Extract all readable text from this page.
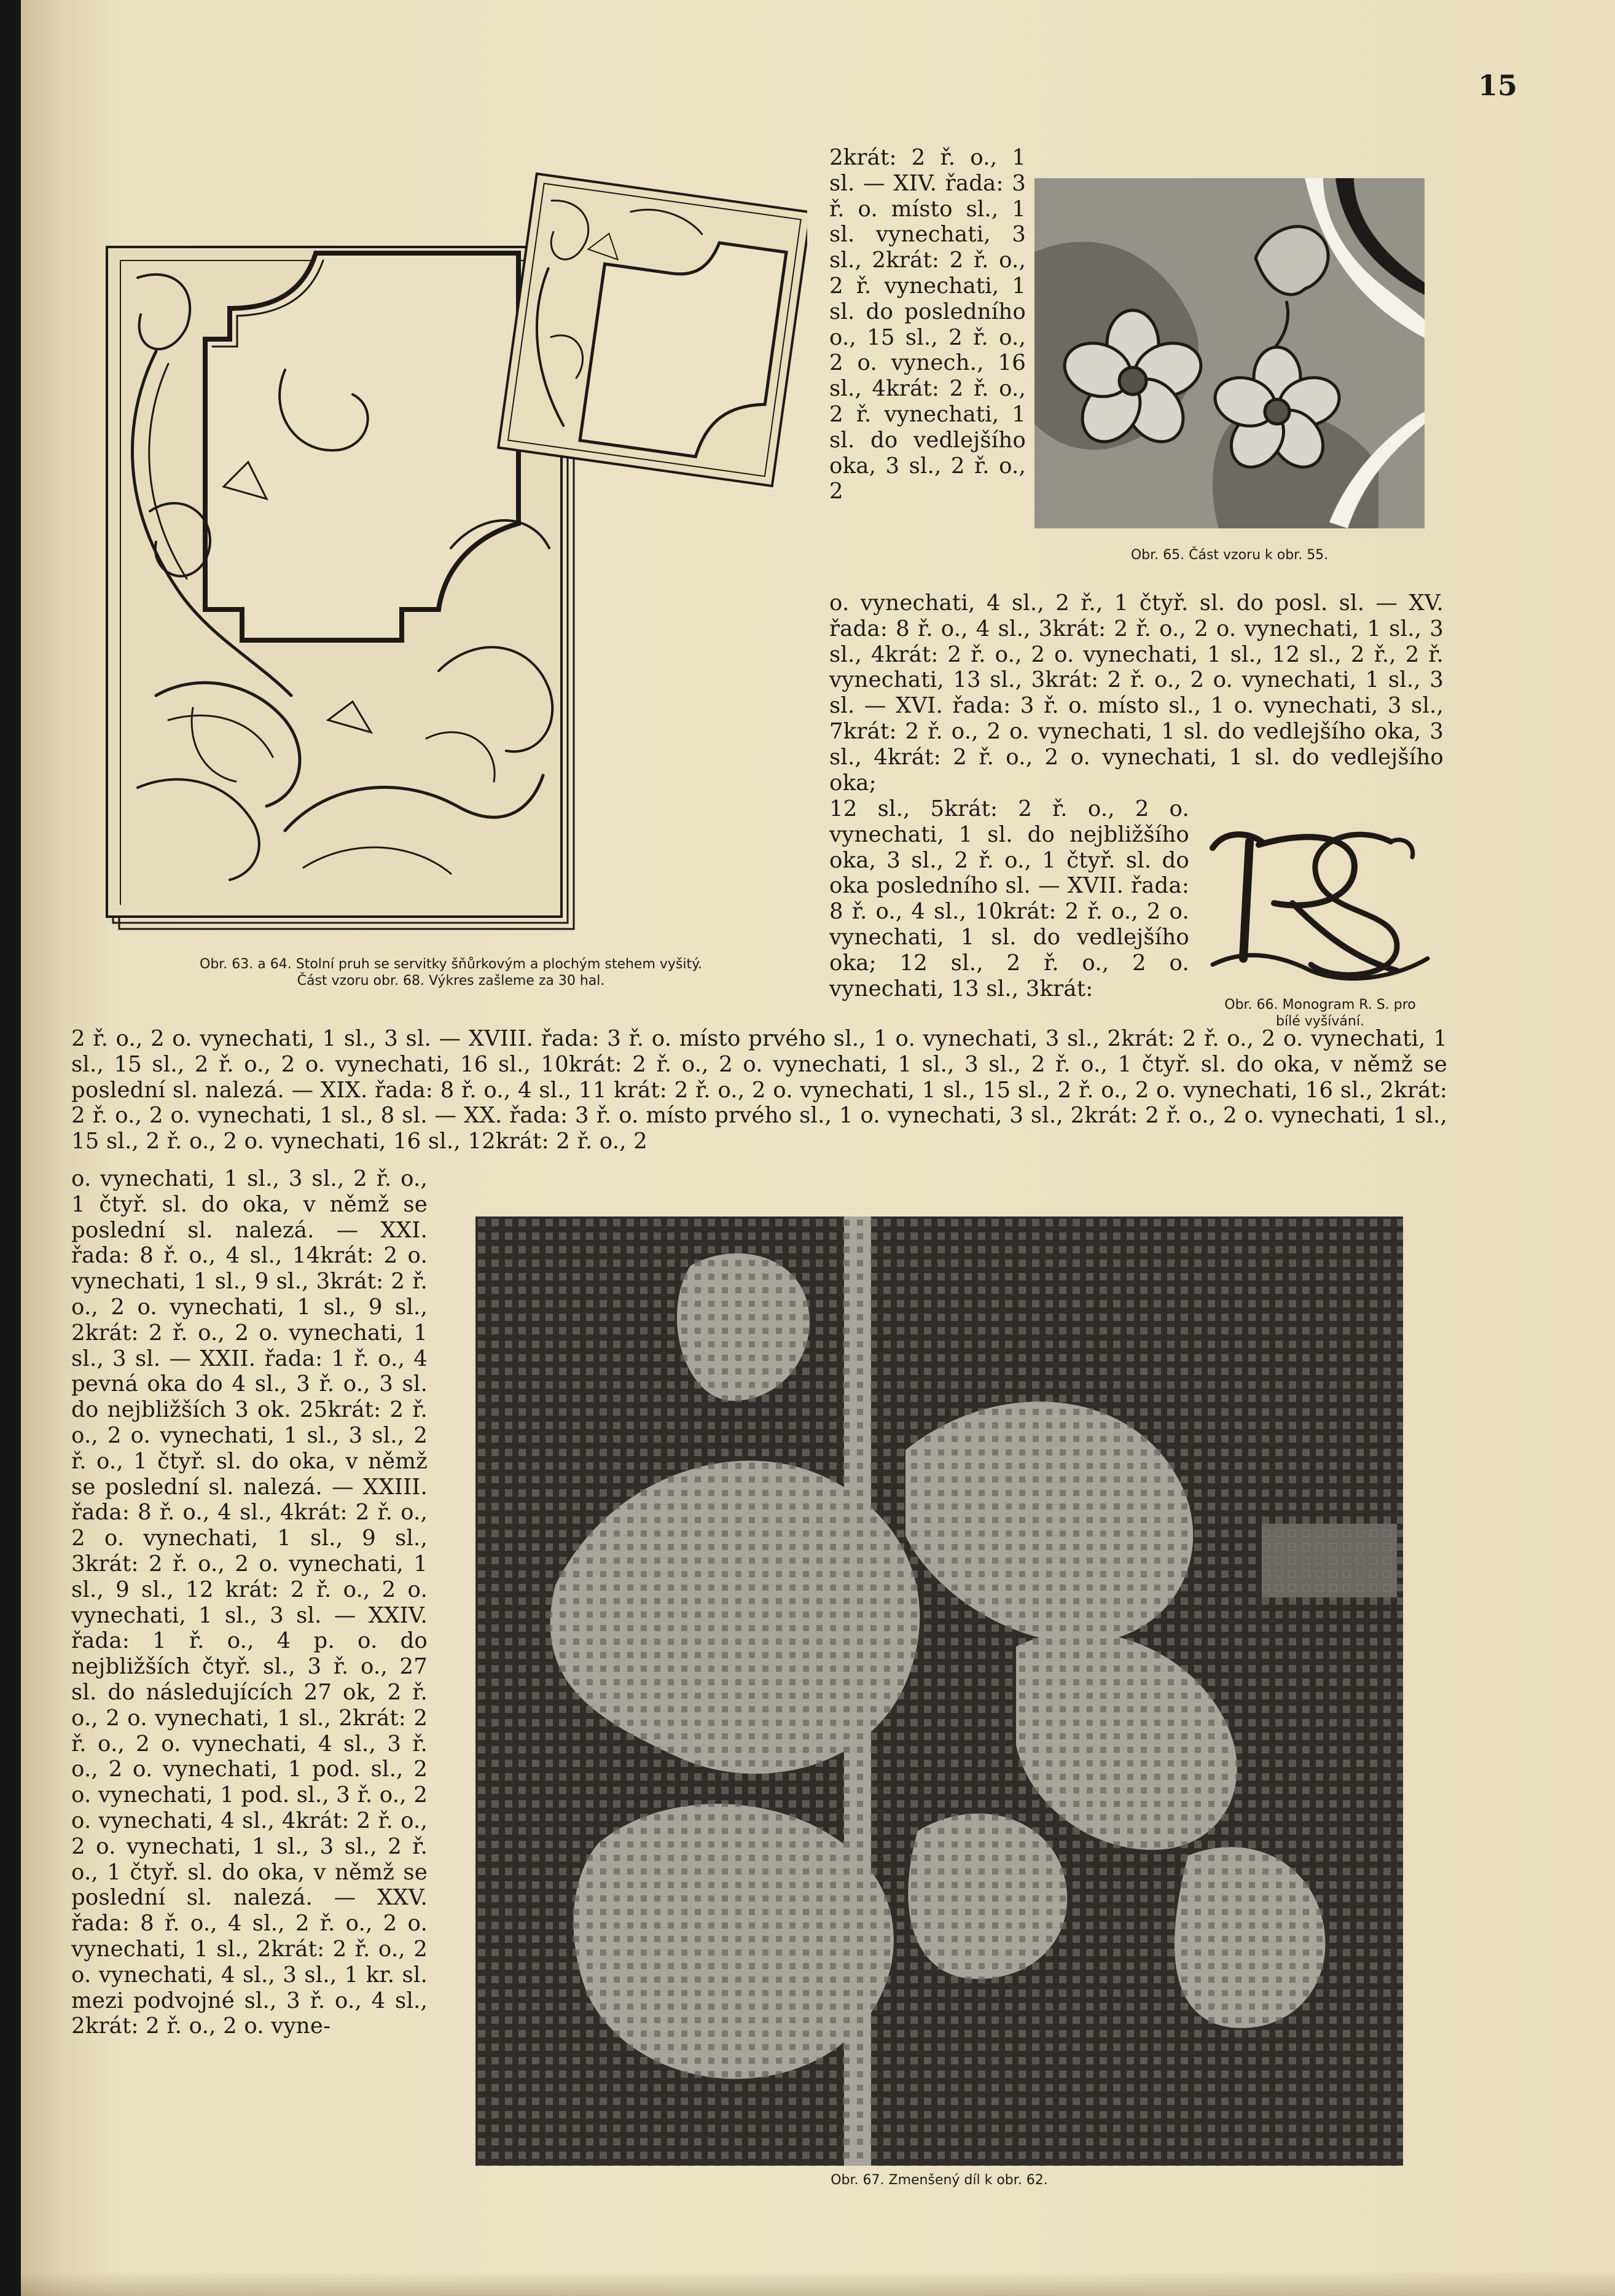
15
Obr. 63. a 64. Stolní pruh se servitky šňůrkovým a plochým stehem vyšitý.
Část vzoru obr. 68. Výkres zašleme za 30 hal.

2krát: 2 ř. o., 1 sl. — XIV. řada: 3 ř. o. místo sl., 1 sl. vynechati, 3 sl., 2krát: 2 ř. o., 2 ř. vynechati, 1 sl. do posledního o., 15 sl., 2 ř. o., 2 o. vynech., 16 sl., 4krát: 2 ř. o., 2 ř. vynechati, 1 sl. do vedlejšího oka, 3 sl., 2 ř. o., 2

Obr. 65. Část vzoru k obr. 55.

o. vynechati, 4 sl., 2 ř., 1 čtyř. sl. do posl. sl. — XV. řada: 8 ř. o., 4 sl., 3krát: 2 ř. o., 2 o. vynechati, 1 sl., 3 sl., 4krát: 2 ř. o., 2 o. vynechati, 1 sl., 12 sl., 2 ř., 2 ř. vynechati, 13 sl., 3krát: 2 ř. o., 2 o. vynechati, 1 sl., 3 sl. — XVI. řada: 3 ř. o. místo sl., 1 o. vynechati, 3 sl., 7krát: 2 ř. o., 2 o. vynechati, 1 sl. do vedlejšího oka, 3 sl., 4krát: 2 ř. o., 2 o. vynechati, 1 sl. do vedlejšího oka;

12 sl., 5krát: 2 ř. o., 2 o. vynechati, 1 sl. do nejbližšího oka, 3 sl., 2 ř. o., 1 čtyř. sl. do oka posledního sl. — XVII. řada: 8 ř. o., 4 sl., 10krát: 2 ř. o., 2 o. vynechati, 1 sl. do vedlejšího oka; 12 sl., 2 ř. o., 2 o. vynechati, 13 sl., 3krát:

Obr. 66. Monogram R. S. pro
bílé vyšívání.

2 ř. o., 2 o. vynechati, 1 sl., 3 sl. — XVIII. řada: 3 ř. o. místo prvého sl., 1 o. vynechati, 3 sl., 2krát: 2 ř. o., 2 o. vynechati, 1 sl., 15 sl., 2 ř. o., 2 o. vynechati, 16 sl., 10krát: 2 ř. o., 2 o. vynechati, 1 sl., 3 sl., 2 ř. o., 1 čtyř. sl. do oka, v němž se poslední sl. nalezá. — XIX. řada: 8 ř. o., 4 sl., 11 krát: 2 ř. o., 2 o. vynechati, 1 sl., 15 sl., 2 ř. o., 2 o. vynechati, 16 sl., 2krát: 2 ř. o., 2 o. vynechati, 1 sl., 8 sl. — XX. řada: 3 ř. o. místo prvého sl., 1 o. vynechati, 3 sl., 2krát: 2 ř. o., 2 o. vynechati, 1 sl., 15 sl., 2 ř. o., 2 o. vynechati, 16 sl., 12krát: 2 ř. o., 2

o. vynechati, 1 sl., 3 sl., 2 ř. o., 1 čtyř. sl. do oka, v němž se poslední sl. nalezá. — XXI. řada: 8 ř. o., 4 sl., 14krát: 2 o. vynechati, 1 sl., 9 sl., 3krát: 2 ř. o., 2 o. vynechati, 1 sl., 9 sl., 2krát: 2 ř. o., 2 o. vynechati, 1 sl., 3 sl. — XXII. řada: 1 ř. o., 4 pevná oka do 4 sl., 3 ř. o., 3 sl. do nejbližších 3 ok. 25krát: 2 ř. o., 2 o. vynechati, 1 sl., 3 sl., 2 ř. o., 1 čtyř. sl. do oka, v němž se poslední sl. nalezá. — XXIII. řada: 8 ř. o., 4 sl., 4krát: 2 ř. o., 2 o. vynechati, 1 sl., 9 sl., 3krát: 2 ř. o., 2 o. vynechati, 1 sl., 9 sl., 12 krát: 2 ř. o., 2 o. vynechati, 1 sl., 3 sl. — XXIV. řada: 1 ř. o., 4 p. o. do nejbližších čtyř. sl., 3 ř. o., 27 sl. do následujících 27 ok, 2 ř. o., 2 o. vynechati, 1 sl., 2krát: 2 ř. o., 2 o. vynechati, 4 sl., 3 ř. o., 2 o. vynechati, 1 pod. sl., 2 o. vynechati, 1 pod. sl., 3 ř. o., 2 o. vynechati, 4 sl., 4krát: 2 ř. o., 2 o. vynechati, 1 sl., 3 sl., 2 ř. o., 1 čtyř. sl. do oka, v němž se poslední sl. nalezá. — XXV. řada: 8 ř. o., 4 sl., 2 ř. o., 2 o. vynechati, 1 sl., 2krát: 2 ř. o., 2 o. vynechati, 4 sl., 3 sl., 1 kr. sl. mezi podvojné sl., 3 ř. o., 4 sl., 2krát: 2 ř. o., 2 o. vyne-

Obr. 67. Zmenšený díl k obr. 62.
